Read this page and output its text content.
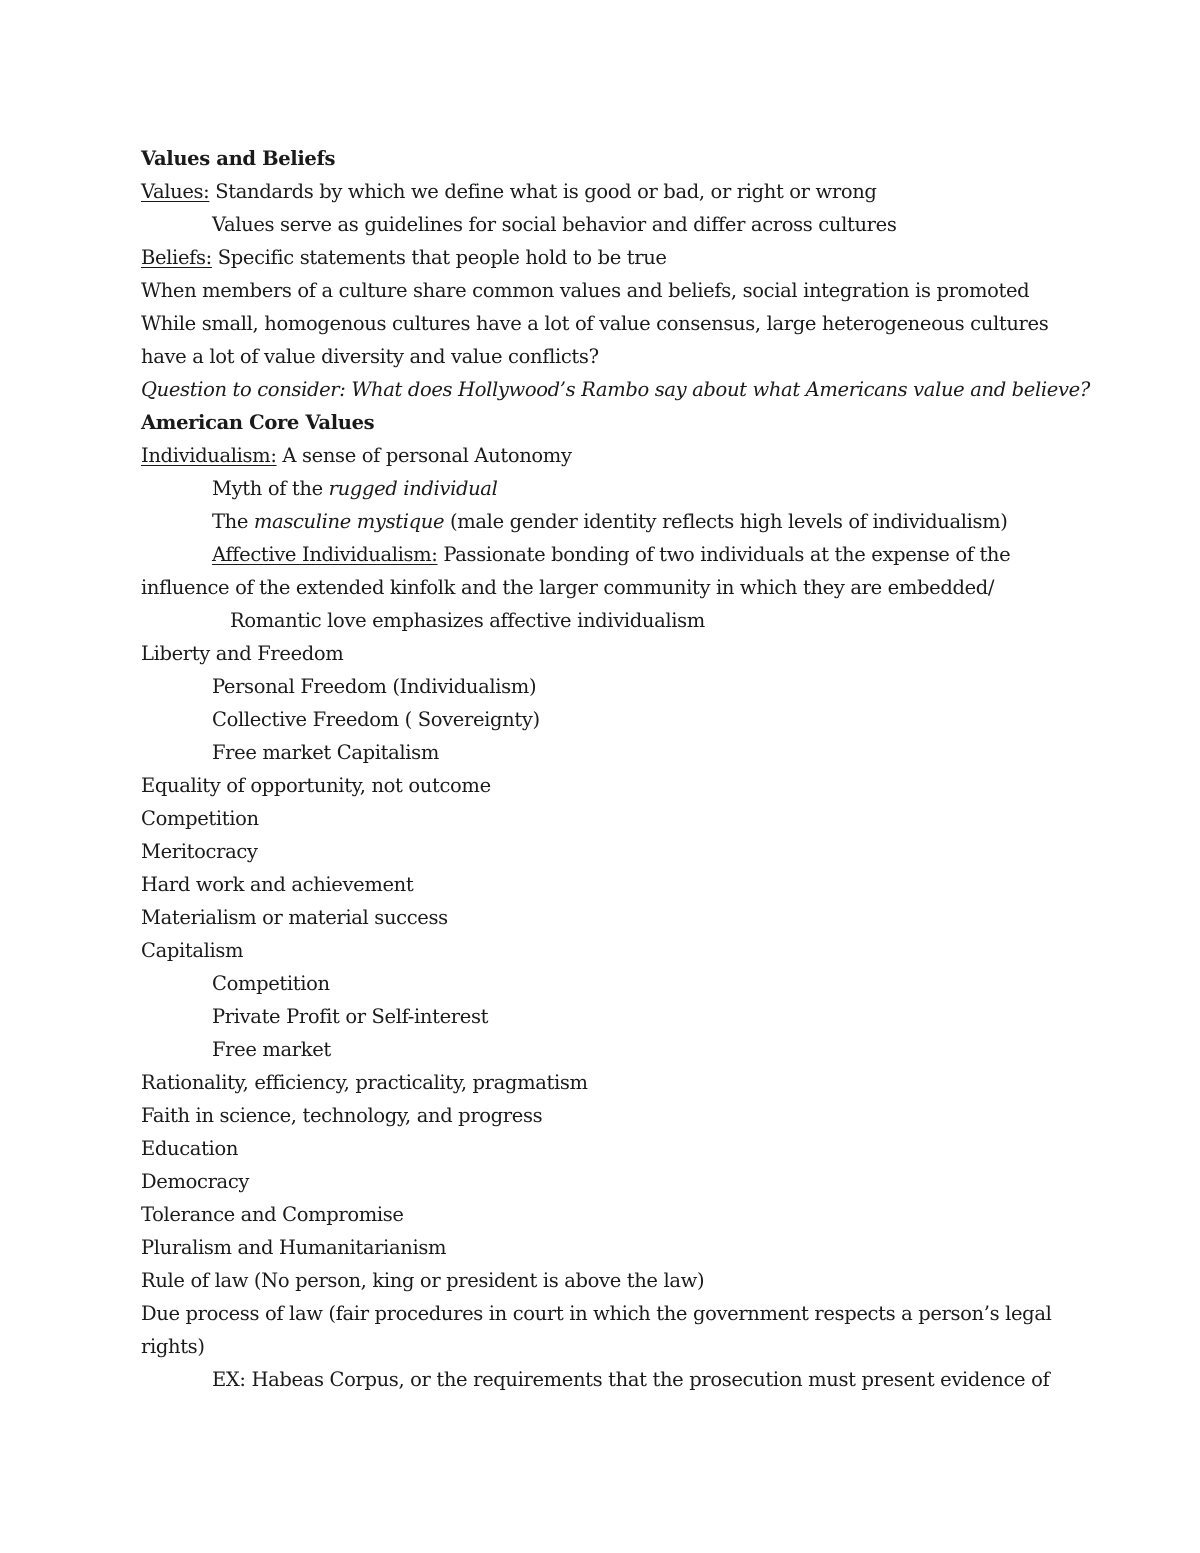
Values and Beliefs
Values: Standards by which we define what is good or bad, or right or wrong
Values serve as guidelines for social behavior and differ across cultures
Beliefs: Specific statements that people hold to be true
When members of a culture share common values and beliefs, social integration is promoted
While small, homogenous cultures have a lot of value consensus, large heterogeneous cultures
have a lot of value diversity and value conflicts?
Question to consider: What does Hollywood’s Rambo say about what Americans value and believe?
American Core Values
Individualism: A sense of personal Autonomy
Myth of the rugged individual
The masculine mystique (male gender identity reflects high levels of individualism)
Affective Individualism: Passionate bonding of two individuals at the expense of the
influence of the extended kinfolk and the larger community in which they are embedded/
Romantic love emphasizes affective individualism
Liberty and Freedom
Personal Freedom (Individualism)
Collective Freedom ( Sovereignty)
Free market Capitalism
Equality of opportunity, not outcome
Competition
Meritocracy
Hard work and achievement
Materialism or material success
Capitalism
Competition
Private Profit or Self-interest
Free market
Rationality, efficiency, practicality, pragmatism
Faith in science, technology, and progress
Education
Democracy
Tolerance and Compromise
Pluralism and Humanitarianism
Rule of law (No person, king or president is above the law)
Due process of law (fair procedures in court in which the government respects a person’s legal
rights)
EX: Habeas Corpus, or the requirements that the prosecution must present evidence of
